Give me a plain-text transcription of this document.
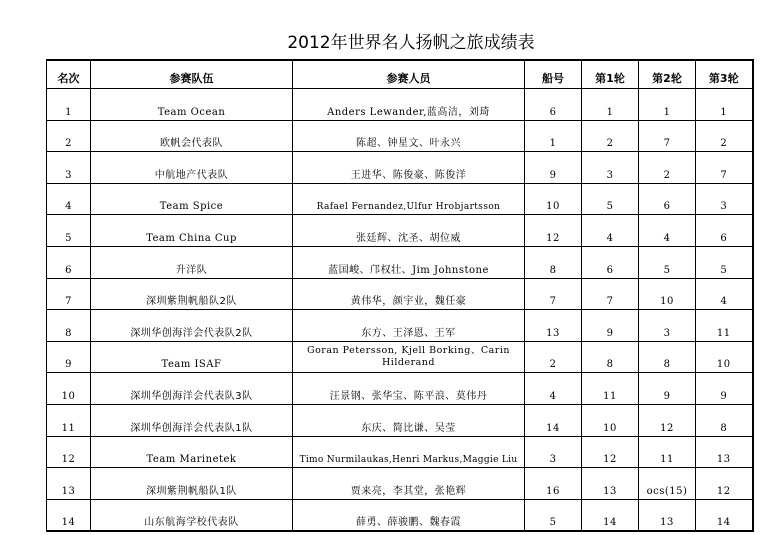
2012年世界名人扬帆之旅成绩表
名次	参赛队伍	参赛人员	船号	第1轮	第2轮	第3轮
1	Team Ocean	Anders Lewander,蓝高洁，刘琦	6	1	1	1
2	欧帆会代表队	陈超、钟星文、叶永兴	1	2	7	2
3	中航地产代表队	王进华、陈俊豪、陈俊洋	9	3	2	7
4	Team Spice	Rafael Fernandez,Ulfur Hrobjartsson	10	5	6	3
5	Team China Cup	张廷辉、沈圣、胡位威	12	4	4	6
6	升洋队	蓝国峻、邝权壮、Jim Johnstone	8	6	5	5
7	深圳紫荆帆船队2队	黄伟华，颜宇业，魏任豪	7	7	10	4
8	深圳华创海洋会代表队2队	东方、王泽恩、王军	13	9	3	11
9	Team ISAF	Goran Petersson, Kjell Borking、Carin Hilderand	2	8	8	10
10	深圳华创海洋会代表队3队	汪景钢、张华宝、陈平浪、莫伟丹	4	11	9	9
11	深圳华创海洋会代表队1队	东庆、简比谦、吴莹	14	10	12	8
12	Team Marinetek	Timo Nurmilaukas,Henri Markus,Maggie Liu	3	12	11	13
13	深圳紫荆帆船队1队	贾来亮，李其堂，张艳辉	16	13	ocs(15)	12
14	山东航海学校代表队	薛勇、薛骏鹏、魏春霞	5	14	13	14
